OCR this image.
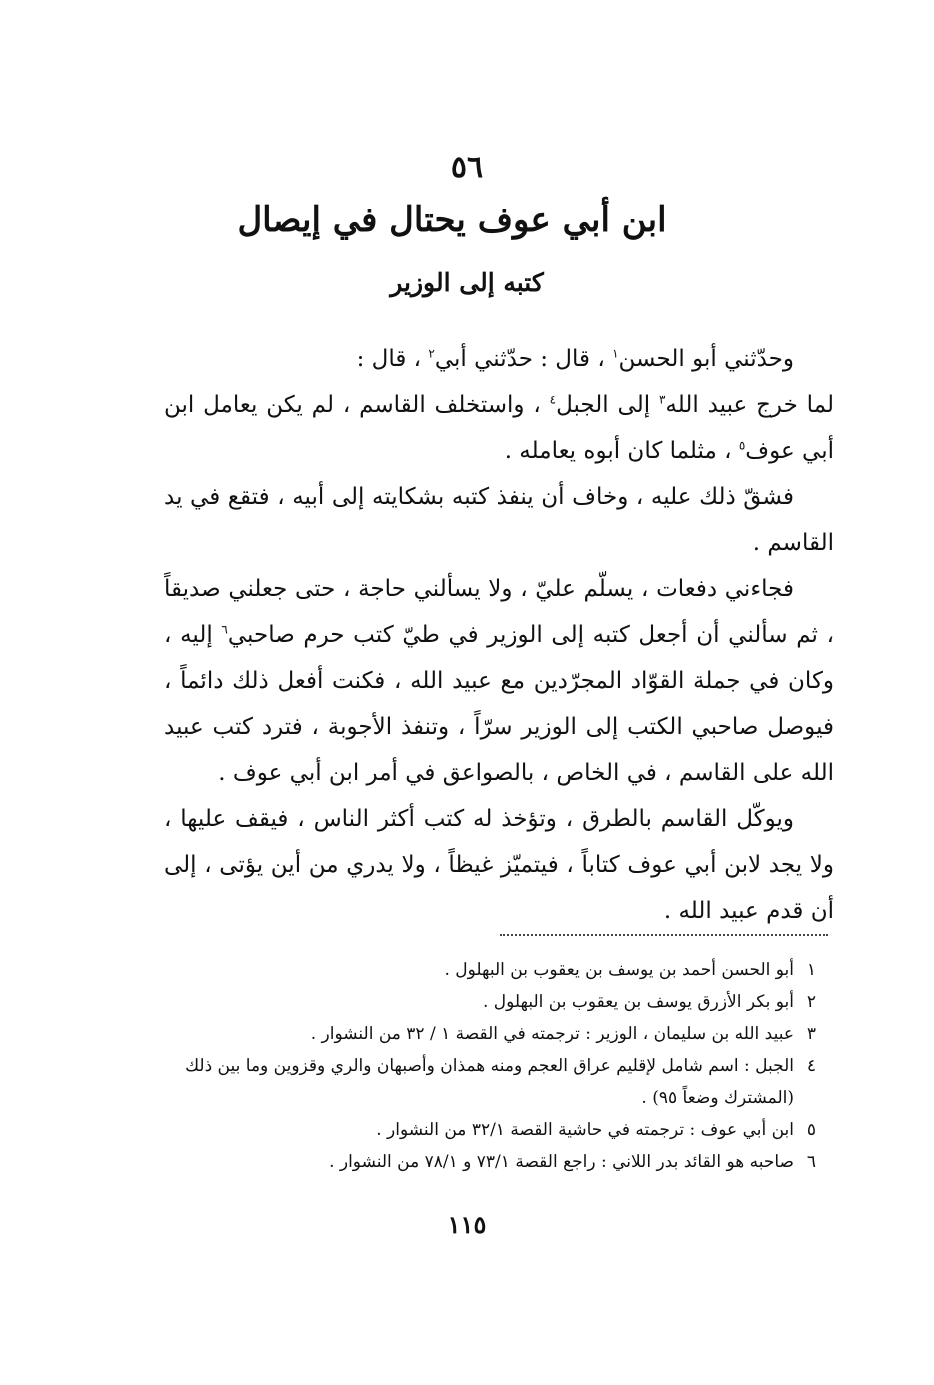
٥٦
ابن أبي عوف يحتال في إيصال
كتبه إلى الوزير

وحدّثني أبو الحسن$^١$ ، قال : حدّثني أبي$^٢$ ، قال :

لما خرج عبيد الله$^٣$ إلى الجبل$^٤$ ، واستخلف القاسم ، لم يكن يعامل ابن أبي عوف$^٥$ ، مثلما كان أبوه يعامله .

فشقّ ذلك عليه ، وخاف أن ينفذ كتبه بشكايته إلى أبيه ، فتقع في يد القاسم .

فجاءني دفعات ، يسلّم عليّ ، ولا يسألني حاجة ، حتى جعلني صديقاً ، ثم سألني أن أجعل كتبه إلى الوزير في طيّ كتب حرم صاحبي$^٦$ إليه ، وكان في جملة القوّاد المجرّدين مع عبيد الله ، فكنت أفعل ذلك دائماً ، فيوصل صاحبي الكتب إلى الوزير سرّاً ، وتنفذ الأجوبة ، فترد كتب عبيد الله على القاسم ، في الخاص ، بالصواعق في أمر ابن أبي عوف .

ويوكّل القاسم بالطرق ، وتؤخذ له كتب أكثر الناس ، فيقف عليها ، ولا يجد لابن أبي عوف كتاباً ، فيتميّز غيظاً ، ولا يدري من أين يؤتى ، إلى أن قدم عبيد الله .

١
أبو الحسن أحمد بن يوسف بن يعقوب بن البهلول .
٢
أبو بكر الأزرق يوسف بن يعقوب بن البهلول .
٣
عبيد الله بن سليمان ، الوزير : ترجمته في القصة ١ / ٣٢ من النشوار .
٤
الجبل : اسم شامل لإقليم عراق العجم ومنه همذان وأصبهان والري وقزوين وما بين ذلك (المشترك وضعاً ٩٥) .
٥
ابن أبي عوف : ترجمته في حاشية القصة ٣٢/١ من النشوار .
٦
صاحبه هو القائد بدر اللاني : راجع القصة ٧٣/١ و ٧٨/١ من النشوار .
١١٥
